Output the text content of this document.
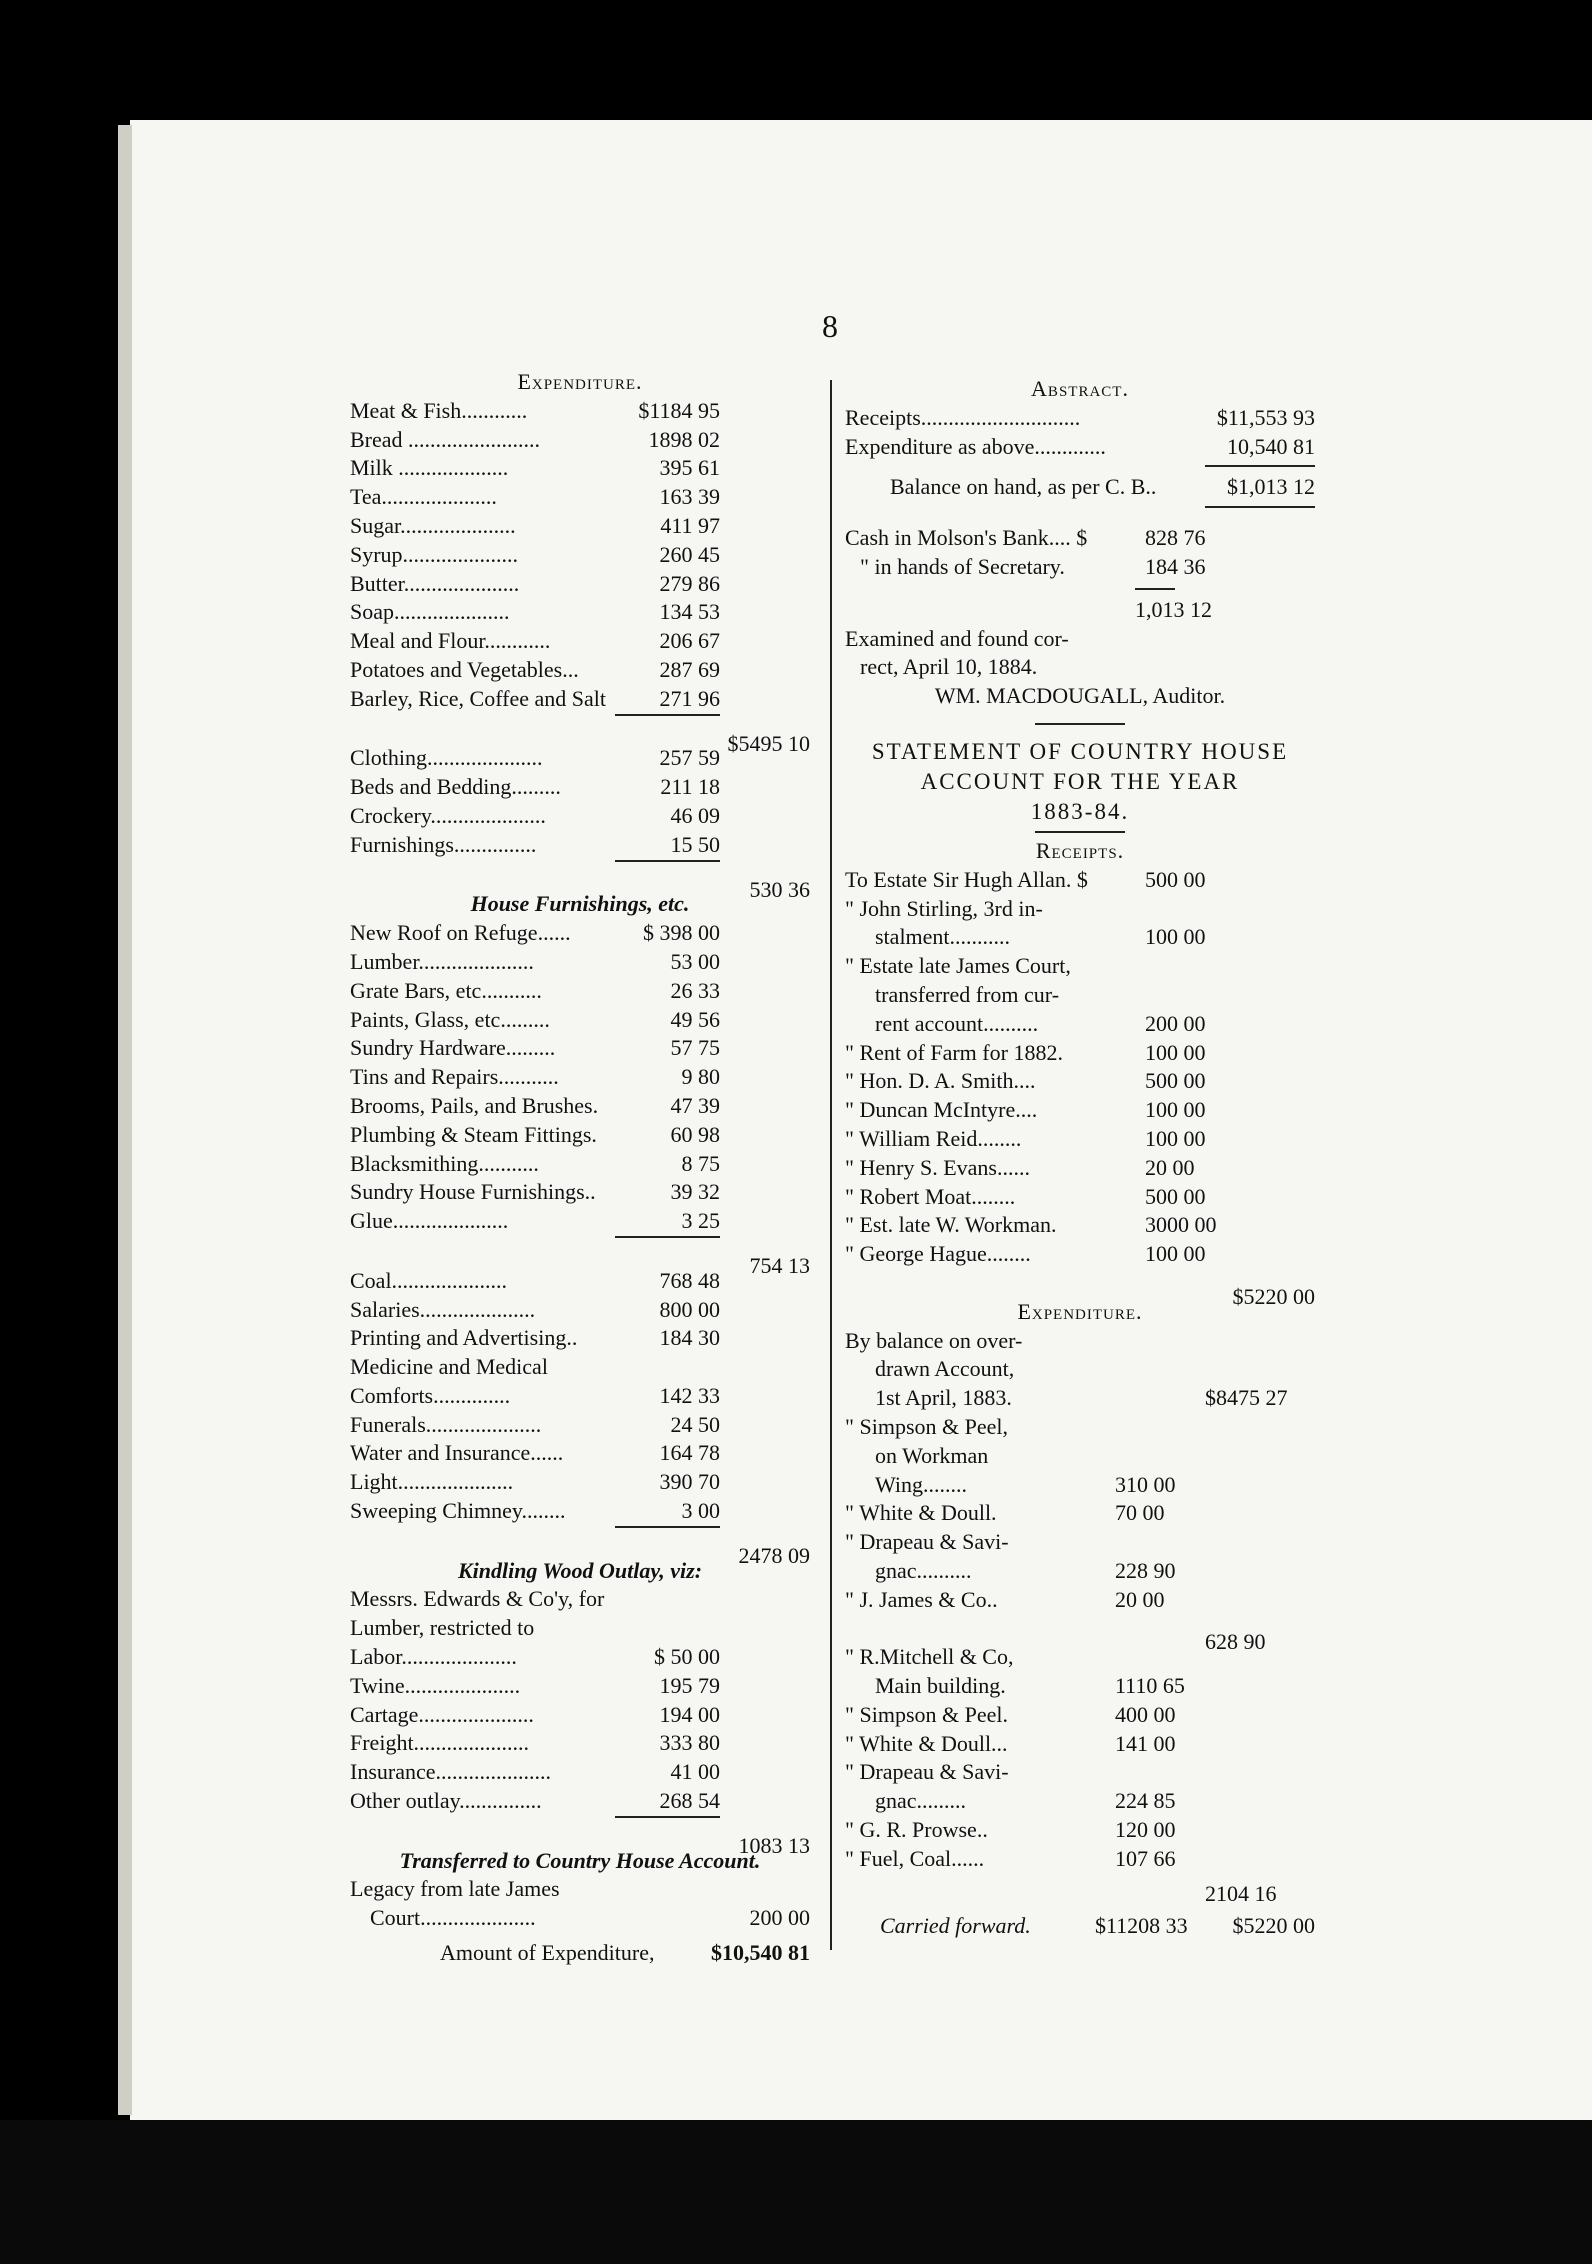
8
Expenditure.
Meat & Fish............	$1184 95
Bread ........................	1898 02
Milk ....................	395 61
Tea.....................	163 39
Sugar.....................	411 97
Syrup.....................	260 45
Butter.....................	279 86
Soap.....................	134 53
Meal and Flour............	206 67
Potatoes and Vegetables...	287 69
Barley, Rice, Coffee and Salt 271 96
$5495 10
Clothing.....................	257 59
Beds and Bedding.........	211 18
Crockery.....................	46 09
Furnishings...............	15 50
530 36
House Furnishings, etc.
New Roof on Refuge......	$ 398 00
Lumber.....................	53 00
Grate Bars, etc...........	26 33
Paints, Glass, etc.........	49 56
Sundry Hardware.........	57 75
Tins and Repairs...........	9 80
Brooms, Pails, and Brushes.	47 39
Plumbing & Steam Fittings.	60 98
Blacksmithing...........	8 75
Sundry House Furnishings..	39 32
Glue.....................	3 25
754 13
Coal.....................	768 48
Salaries.....................	800 00
Printing and Advertising..	184 30
Medicine and Medical
Comforts..............	142 33
Funerals.....................	24 50
Water and Insurance......	164 78
Light.....................	390 70
Sweeping Chimney........	3 00
2478 09
Kindling Wood Outlay, viz:
Messrs. Edwards & Co'y, for
Lumber, restricted to
Labor.....................	$ 50 00
Twine.....................	195 79
Cartage.....................	194 00
Freight.....................	333 80
Insurance.....................	41 00
Other outlay...............	268 54
1083 13
Transferred to Country House Account.
Legacy from late James
Court.....................	200 00
Amount of Expenditure,	$10,540 81
Abstract.
Receipts.............................	$11,553 93
Expenditure as above.............	10,540 81
Balance on hand, as per C. B..	$1,013 12
Cash in Molson's Bank.... $	828 76
" in hands of Secretary.	184 36
1,013 12
Examined and found cor-
rect, April 10, 1884.
WM. MACDOUGALL, Auditor.
STATEMENT OF COUNTRY HOUSE
ACCOUNT FOR THE YEAR
1883-84.
Receipts.
To Estate Sir Hugh Allan. $	500 00
" John Stirling, 3rd in-
stalment...........	100 00
" Estate late James Court,
transferred from cur-
rent account..........	200 00
" Rent of Farm for 1882.	100 00
" Hon. D. A. Smith....	500 00
" Duncan McIntyre....	100 00
" William Reid........	100 00
" Henry S. Evans......	20 00
" Robert Moat........	500 00
" Est. late W. Workman.	3000 00
" George Hague........	100 00
$5220 00
Expenditure.
By balance on over-
drawn Account,
1st April, 1883.	$8475 27
" Simpson & Peel,
on Workman
Wing........	310 00
" White & Doull.	70 00
" Drapeau & Savi-
gnac..........	228 90
" J. James & Co..	20 00
628 90
" R.Mitchell & Co,
Main building.	1110 65
" Simpson & Peel.	400 00
" White & Doull...	141 00
" Drapeau & Savi-
gnac.........	224 85
" G. R. Prowse..	120 00
" Fuel, Coal......	107 66
2104 16
Carried forward.	$11208 33 $5220 00
